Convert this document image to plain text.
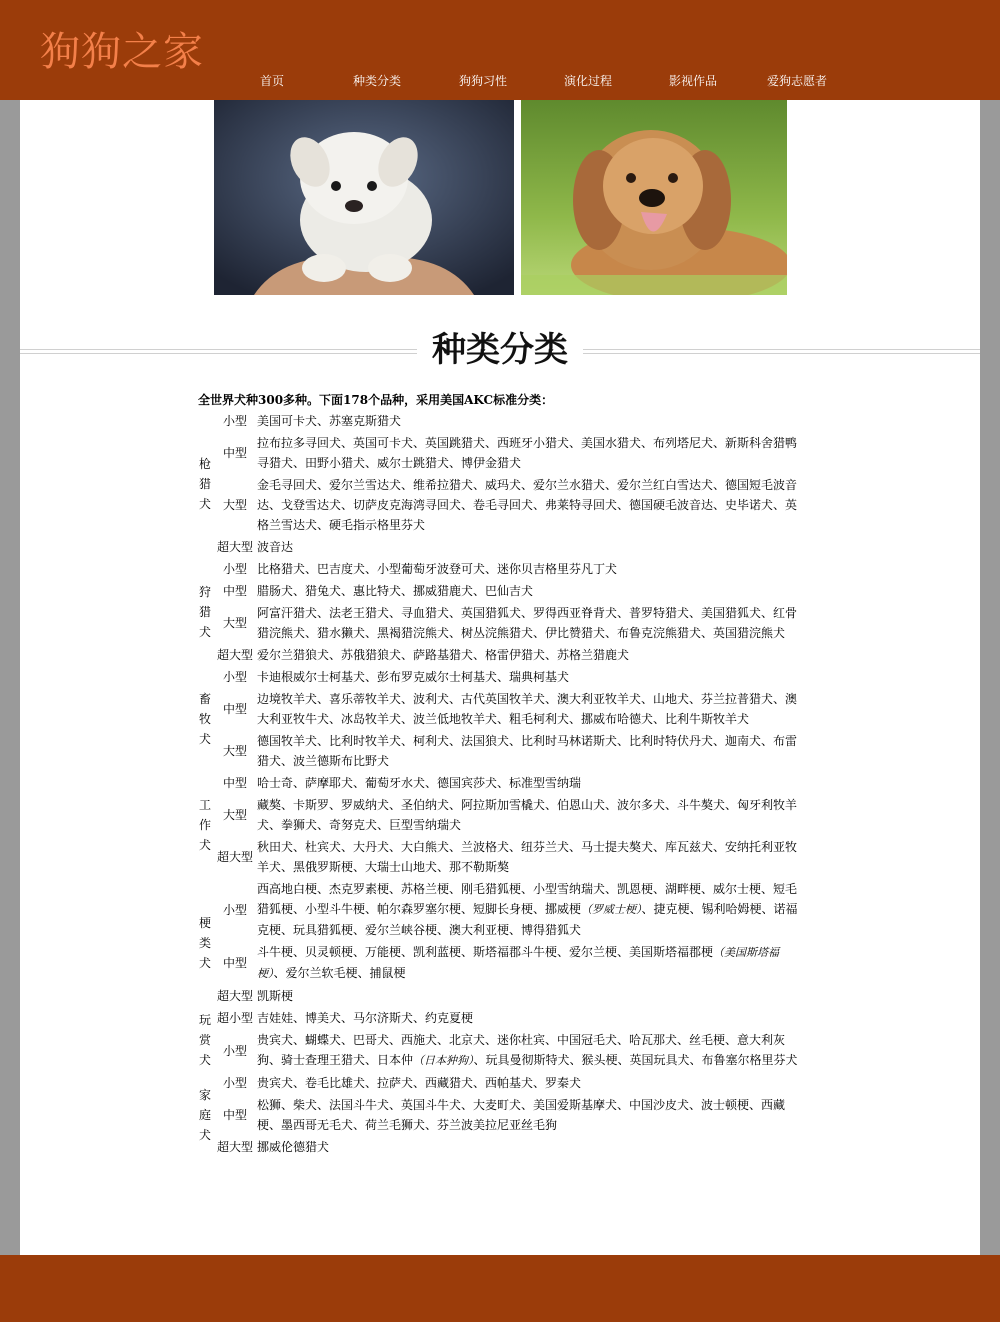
狗狗之家
首页	种类分类	狗狗习性	演化过程	影视作品	爱狗志愿者
种类分类
全世界犬种300多种。下面178个品种，采用美国AKC标准分类：
枪猎犬	小型	美国可卡犬、苏塞克斯猎犬
	中型	拉布拉多寻回犬、英国可卡犬、英国跳猎犬、西班牙小猎犬、美国水猎犬、布列塔尼犬、新斯科舍猎鸭寻猎犬、田野小猎犬、威尔士跳猎犬、博伊金猎犬
	大型	金毛寻回犬、爱尔兰雪达犬、维希拉猎犬、威玛犬、爱尔兰水猎犬、爱尔兰红白雪达犬、德国短毛波音达、戈登雪达犬、切萨皮克海湾寻回犬、卷毛寻回犬、弗莱特寻回犬、德国硬毛波音达、史毕诺犬、英格兰雪达犬、硬毛指示格里芬犬
	超大型	波音达

狩猎犬	小型	比格猎犬、巴吉度犬、小型葡萄牙波登可犬、迷你贝吉格里芬凡丁犬
	中型	腊肠犬、猎兔犬、惠比特犬、挪威猎鹿犬、巴仙吉犬
	大型	阿富汗猎犬、法老王猎犬、寻血猎犬、英国猎狐犬、罗得西亚脊背犬、普罗特猎犬、美国猎狐犬、红骨猎浣熊犬、猎水獭犬、黑褐猎浣熊犬、树丛浣熊猎犬、伊比赞猎犬、布鲁克浣熊猎犬、英国猎浣熊犬
	超大型	爱尔兰猎狼犬、苏俄猎狼犬、萨路基猎犬、格雷伊猎犬、苏格兰猎鹿犬

畜牧犬	小型	卡迪根威尔士柯基犬、彭布罗克威尔士柯基犬、瑞典柯基犬
	中型	边境牧羊犬、喜乐蒂牧羊犬、波利犬、古代英国牧羊犬、澳大利亚牧羊犬、山地犬、芬兰拉普猎犬、澳大利亚牧牛犬、冰岛牧羊犬、波兰低地牧羊犬、粗毛柯利犬、挪威布哈德犬、比利牛斯牧羊犬
	大型	德国牧羊犬、比利时牧羊犬、柯利犬、法国狼犬、比利时马林诺斯犬、比利时特伏丹犬、迦南犬、布雷猎犬、波兰德斯布比野犬

工作犬	中型	哈士奇、萨摩耶犬、葡萄牙水犬、德国宾莎犬、标准型雪纳瑞
	大型	藏獒、卡斯罗、罗威纳犬、圣伯纳犬、阿拉斯加雪橇犬、伯恩山犬、波尔多犬、斗牛獒犬、匈牙利牧羊犬、拳狮犬、奇努克犬、巨型雪纳瑞犬
	超大型	秋田犬、杜宾犬、大丹犬、大白熊犬、兰波格犬、纽芬兰犬、马士提夫獒犬、库瓦兹犬、安纳托利亚牧羊犬、黑俄罗斯梗、大瑞士山地犬、那不勒斯獒

梗类犬	小型	西高地白梗、杰克罗素梗、苏格兰梗、刚毛猎狐梗、小型雪纳瑞犬、凯恩梗、湖畔梗、威尔士梗、短毛猎狐梗、小型斗牛梗、帕尔森罗塞尔梗、短脚长身梗、挪威梗（罗威士梗）、捷克梗、锡利哈姆梗、诺福克梗、玩具猎狐梗、爱尔兰峡谷梗、澳大利亚梗、博得猎狐犬
	中型	斗牛梗、贝灵顿梗、万能梗、凯利蓝梗、斯塔福郡斗牛梗、爱尔兰梗、美国斯塔福郡梗（美国斯塔福梗）、爱尔兰软毛梗、捕鼠梗
	超大型	凯斯梗

玩赏犬	超小型	吉娃娃、博美犬、马尔济斯犬、约克夏梗
	小型	贵宾犬、蝴蝶犬、巴哥犬、西施犬、北京犬、迷你杜宾、中国冠毛犬、哈瓦那犬、丝毛梗、意大利灰狗、骑士查理王猎犬、日本仲（日本狆狗）、玩具曼彻斯特犬、猴头梗、英国玩具犬、布鲁塞尔格里芬犬

家庭犬	小型	贵宾犬、卷毛比雄犬、拉萨犬、西藏猎犬、西帕基犬、罗秦犬
	中型	松狮、柴犬、法国斗牛犬、英国斗牛犬、大麦町犬、美国爱斯基摩犬、中国沙皮犬、波士顿梗、西藏梗、墨西哥无毛犬、荷兰毛狮犬、芬兰波美拉尼亚丝毛狗
	超大型	挪威伦德猎犬
